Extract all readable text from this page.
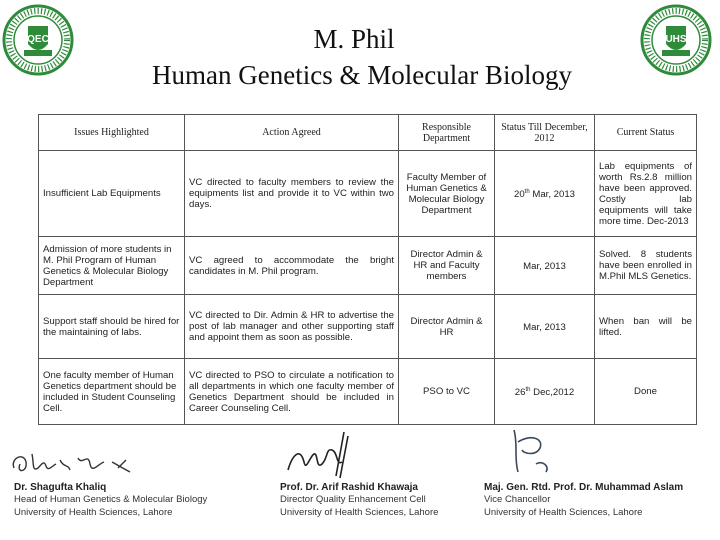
QEC	UHS
M. Phil
Human Genetics & Molecular Biology
Issues Highlighted	Action Agreed	Responsible Department	Status Till December, 2012	Current Status
Insufficient Lab Equipments	VC directed to faculty members to review the equipments list and provide it to VC within two days.	Faculty Member of Human Genetics & Molecular Biology Department	20th Mar, 2013	Lab equipments of worth Rs.2.8 million have been approved. Costly lab equipments will take more time. Dec-2013
Admission of more students in M. Phil Program of Human Genetics & Molecular Biology Department	VC agreed to accommodate the bright candidates in M. Phil program.	Director Admin & HR and Faculty members	Mar, 2013	Solved. 8 students have been enrolled in M.Phil MLS Genetics.
Support staff should be hired for the maintaining of labs.	VC directed to Dir. Admin & HR to advertise the post of lab manager and other supporting staff and appoint them as soon as possible.	Director Admin & HR	Mar, 2013	When ban will be lifted.
One faculty member of Human Genetics department should be included in Student Counseling Cell.	VC directed to PSO to circulate a notification to all departments in which one faculty member of Genetics Department should be included in Career Counseling Cell.	PSO to VC	26th Dec,2012	Done
Dr. Shagufta Khaliq
Head of Human Genetics & Molecular Biology
University of Health Sciences, Lahore
Prof. Dr. Arif Rashid Khawaja
Director Quality Enhancement Cell
University of Health Sciences, Lahore
Maj. Gen. Rtd. Prof. Dr. Muhammad Aslam
Vice Chancellor
University of Health Sciences, Lahore
